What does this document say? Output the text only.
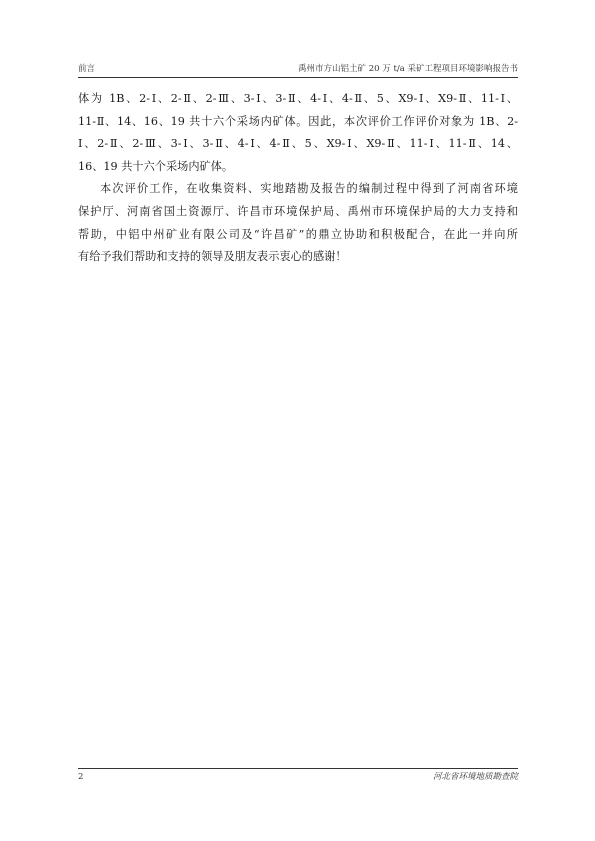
前言	禹州市方山铝土矿 20 万 t/a 采矿工程项目环境影响报告书
体为 1B、2-Ⅰ、2-Ⅱ、2-Ⅲ、3-Ⅰ、3-Ⅱ、4-Ⅰ、4-Ⅱ、5、X9-Ⅰ、X9-Ⅱ、11-Ⅰ、
11-Ⅱ、14、16、19 共十六个采场内矿体。因此，本次评价工作评价对象为 1B、2-
Ⅰ、2-Ⅱ、2-Ⅲ、3-Ⅰ、3-Ⅱ、4-Ⅰ、4-Ⅱ、5、X9-Ⅰ、X9-Ⅱ、11-Ⅰ、11-Ⅱ、14、
16、19 共十六个采场内矿体。
本次评价工作，在收集资料、实地踏勘及报告的编制过程中得到了河南省环境
保护厅、河南省国土资源厅、许昌市环境保护局、禹州市环境保护局的大力支持和
帮助，中铝中州矿业有限公司及“许昌矿”的鼎立协助和积极配合，在此一并向所
有给予我们帮助和支持的领导及朋友表示衷心的感谢！
2	河北省环境地质勘查院
